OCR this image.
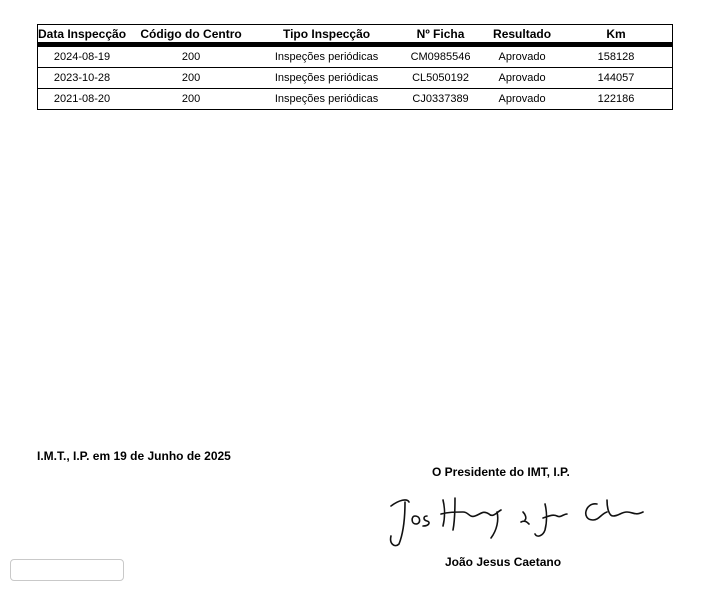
Data Inspecção	Código do Centro	Tipo Inspecção	Nº Ficha	Resultado	Km
2024-08-19	200	Inspeções periódicas	CM0985546	Aprovado	158128
2023-10-28	200	Inspeções periódicas	CL5050192	Aprovado	144057
2021-08-20	200	Inspeções periódicas	CJ0337389	Aprovado	122186

I.M.T., I.P. em 19 de Junho de 2025

O Presidente do IMT, I.P.

João Jesus Caetano
